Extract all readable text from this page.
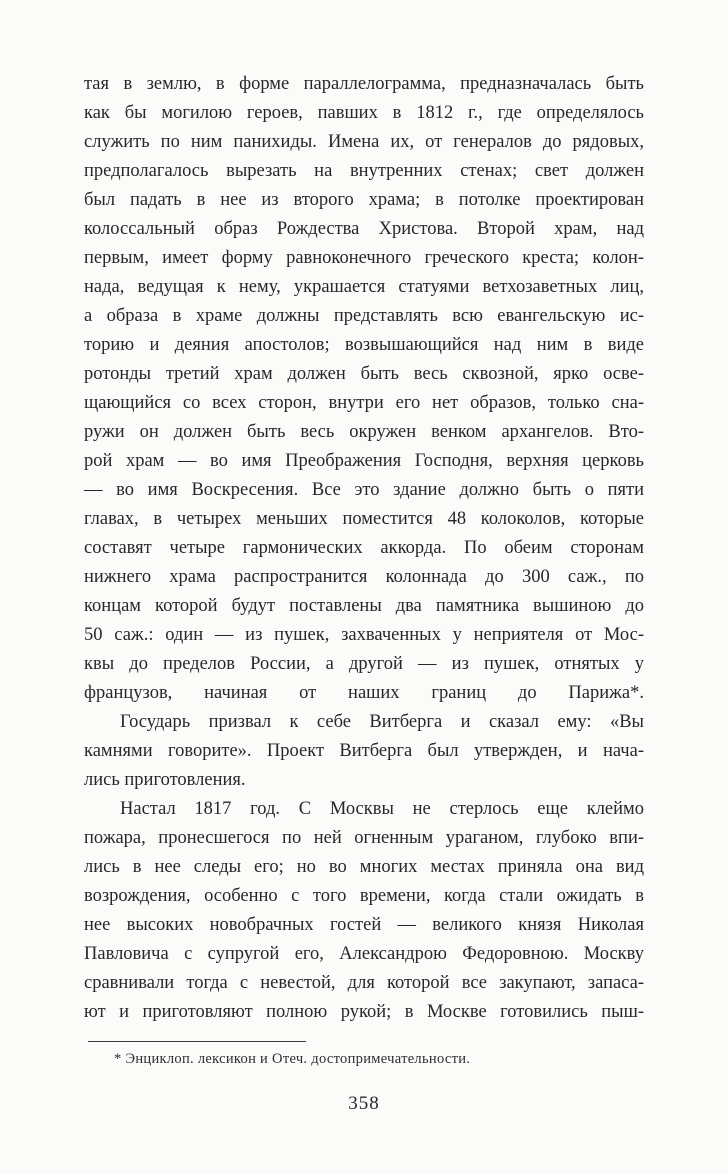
тая в землю, в форме параллелограмма, предназначалась быть
как бы могилою героев, павших в 1812 г., где определялось
служить по ним панихиды. Имена их, от генералов до рядовых,
предполагалось вырезать на внутренних стенах; свет должен
был падать в нее из второго храма; в потолке проектирован
колоссальный образ Рождества Христова. Второй храм, над
первым, имеет форму равноконечного греческого креста; колон-
нада, ведущая к нему, украшается статуями ветхозаветных лиц,
а образа в храме должны представлять всю евангельскую ис-
торию и деяния апостолов; возвышающийся над ним в виде
ротонды третий храм должен быть весь сквозной, ярко осве-
щающийся со всех сторон, внутри его нет образов, только сна-
ружи он должен быть весь окружен венком архангелов. Вто-
рой храм — во имя Преображения Господня, верхняя церковь
— во имя Воскресения. Все это здание должно быть о пяти
главах, в четырех меньших поместится 48 колоколов, которые
составят четыре гармонических аккорда. По обеим сторонам
нижнего храма распространится колоннада до 300 саж., по
концам которой будут поставлены два памятника вышиною до
50 саж.: один — из пушек, захваченных у неприятеля от Мос-
квы до пределов России, а другой — из пушек, отнятых у
французов, начиная от наших границ до Парижа*.
Государь призвал к себе Витберга и сказал ему: «Вы
камнями говорите». Проект Витберга был утвержден, и нача-
лись приготовления.
Настал 1817 год. С Москвы не стерлось еще клеймо
пожара, пронесшегося по ней огненным ураганом, глубоко впи-
лись в нее следы его; но во многих местах приняла она вид
возрождения, особенно с того времени, когда стали ожидать в
нее высоких новобрачных гостей — великого князя Николая
Павловича с супругой его, Александрою Федоровною. Москву
сравнивали тогда с невестой, для которой все закупают, запаса-
ют и приготовляют полною рукой; в Москве готовились пыш-
* Энциклоп. лексикон и Отеч. достопримечательности.
358
